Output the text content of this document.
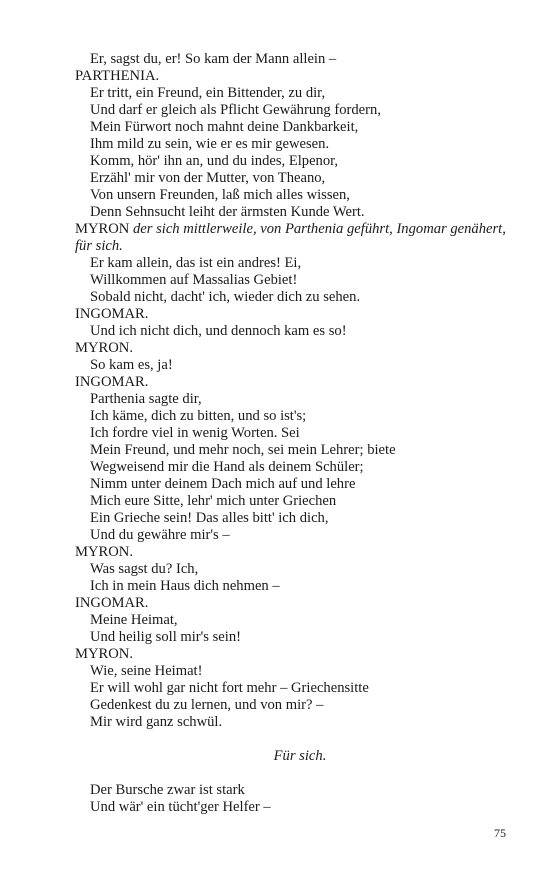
Er, sagst du, er! So kam der Mann allein –
PARTHENIA.
Er tritt, ein Freund, ein Bittender, zu dir,
Und darf er gleich als Pflicht Gewährung fordern,
Mein Fürwort noch mahnt deine Dankbarkeit,
Ihm mild zu sein, wie er es mir gewesen.
Komm, hör' ihn an, und du indes, Elpenor,
Erzähl' mir von der Mutter, von Theano,
Von unsern Freunden, laß mich alles wissen,
Denn Sehnsucht leiht der ärmsten Kunde Wert.
MYRON der sich mittlerweile, von Parthenia geführt, Ingomar genähert, für sich.
Er kam allein, das ist ein andres! Ei,
Willkommen auf Massalias Gebiet!
Sobald nicht, dacht' ich, wieder dich zu sehen.
INGOMAR.
Und ich nicht dich, und dennoch kam es so!
MYRON.
So kam es, ja!
INGOMAR.
Parthenia sagte dir,
Ich käme, dich zu bitten, und so ist's;
Ich fordre viel in wenig Worten. Sei
Mein Freund, und mehr noch, sei mein Lehrer; biete
Wegweisend mir die Hand als deinem Schüler;
Nimm unter deinem Dach mich auf und lehre
Mich eure Sitte, lehr' mich unter Griechen
Ein Grieche sein! Das alles bitt' ich dich,
Und du gewähre mir's –
MYRON.
Was sagst du? Ich,
Ich in mein Haus dich nehmen –
INGOMAR.
Meine Heimat,
Und heilig soll mir's sein!
MYRON.
Wie, seine Heimat!
Er will wohl gar nicht fort mehr – Griechensitte
Gedenkest du zu lernen, und von mir? –
Mir wird ganz schwül.
Für sich.
Der Bursche zwar ist stark
Und wär' ein tücht'ger Helfer –
75
